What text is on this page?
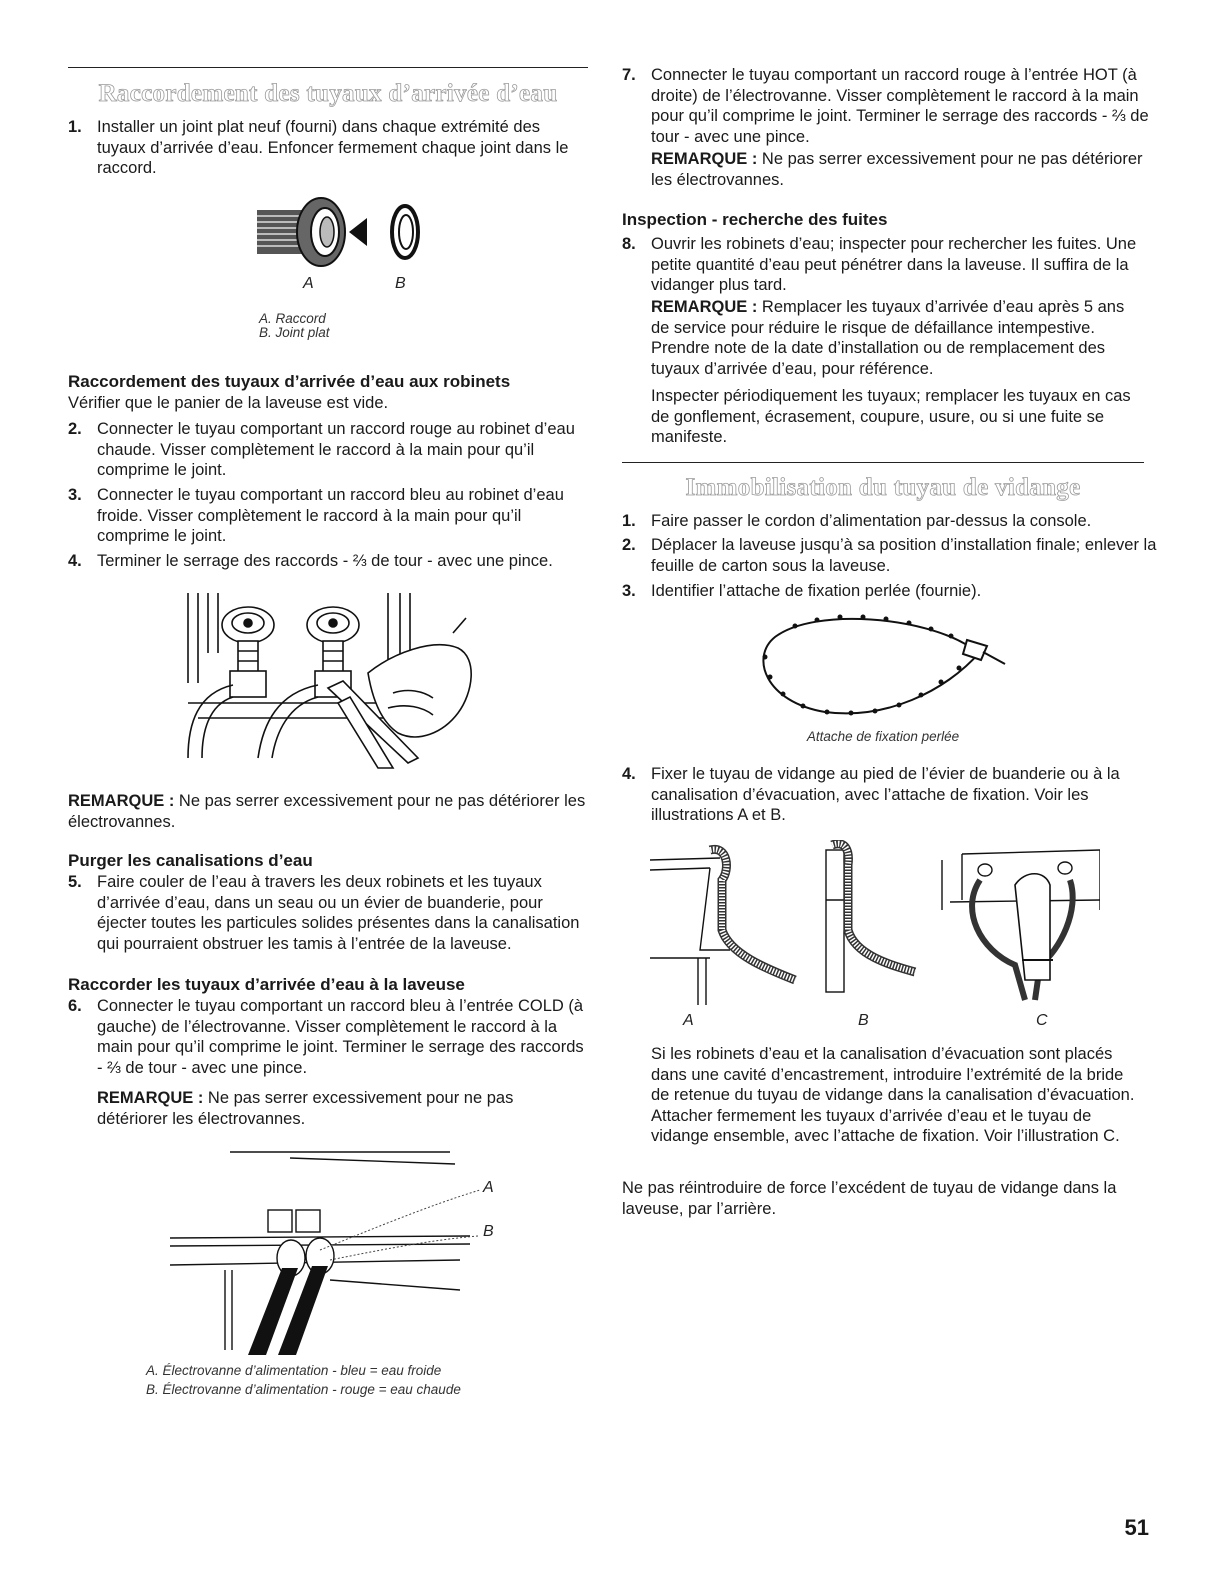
Raccordement des tuyaux d’arrivée d’eau
1. Installer un joint plat neuf (fourni) dans chaque extrémité des tuyaux d’arrivée d’eau. Enfoncer fermement chaque joint dans le raccord.
A	B
A. Raccord
B. Joint plat
Raccordement des tuyaux d’arrivée d’eau aux robinets
Vérifier que le panier de la laveuse est vide.
2. Connecter le tuyau comportant un raccord rouge au robinet d’eau chaude. Visser complètement le raccord à la main pour qu’il comprime le joint.
3. Connecter le tuyau comportant un raccord bleu au robinet d’eau froide. Visser complètement le raccord à la main pour qu’il comprime le joint.
4. Terminer le serrage des raccords - ⅔ de tour - avec une pince.
REMARQUE : Ne pas serrer excessivement pour ne pas détériorer les électrovannes.
Purger les canalisations d’eau
5. Faire couler de l’eau à travers les deux robinets et les tuyaux d’arrivée d’eau, dans un seau ou un évier de buanderie, pour éjecter toutes les particules solides présentes dans la canalisation qui pourraient obstruer les tamis à l’entrée de la laveuse.
Raccorder les tuyaux d’arrivée d’eau à la laveuse
6. Connecter le tuyau comportant un raccord bleu à l’entrée COLD (à gauche) de l’électrovanne. Visser complètement le raccord à la main pour qu’il comprime le joint. Terminer le serrage des raccords - ⅔ de tour - avec une pince.
REMARQUE : Ne pas serrer excessivement pour ne pas détériorer les électrovannes.
A
B
A. Électrovanne d’alimentation - bleu = eau froide
B. Électrovanne d’alimentation - rouge = eau chaude
7. Connecter le tuyau comportant un raccord rouge à l’entrée HOT (à droite) de l’électrovanne. Visser complètement le raccord à la main pour qu’il comprime le joint. Terminer le serrage des raccords - ⅔ de tour - avec une pince.
REMARQUE : Ne pas serrer excessivement pour ne pas détériorer les électrovannes.
Inspection - recherche des fuites
8. Ouvrir les robinets d’eau; inspecter pour rechercher les fuites. Une petite quantité d’eau peut pénétrer dans la laveuse. Il suffira de la vidanger plus tard.
REMARQUE : Remplacer les tuyaux d’arrivée d’eau après 5 ans de service pour réduire le risque de défaillance intempestive. Prendre note de la date d’installation ou de remplacement des tuyaux d’arrivée d’eau, pour référence.
Inspecter périodiquement les tuyaux; remplacer les tuyaux en cas de gonflement, écrasement, coupure, usure, ou si une fuite se manifeste.
Immobilisation du tuyau de vidange
1. Faire passer le cordon d’alimentation par-dessus la console.
2. Déplacer la laveuse jusqu’à sa position d’installation finale; enlever la feuille de carton sous la laveuse.
3. Identifier l’attache de fixation perlée (fournie).
Attache de fixation perlée
4. Fixer le tuyau de vidange au pied de l’évier de buanderie ou à la canalisation d’évacuation, avec l’attache de fixation. Voir les illustrations A et B.
A	B	C
Si les robinets d’eau et la canalisation d’évacuation sont placés dans une cavité d’encastrement, introduire l’extrémité de la bride de retenue du tuyau de vidange dans la canalisation d’évacuation. Attacher fermement les tuyaux d’arrivée d’eau et le tuyau de vidange ensemble, avec l’attache de fixation. Voir l’illustration C.
Ne pas réintroduire de force l’excédent de tuyau de vidange dans la laveuse, par l’arrière.
51
